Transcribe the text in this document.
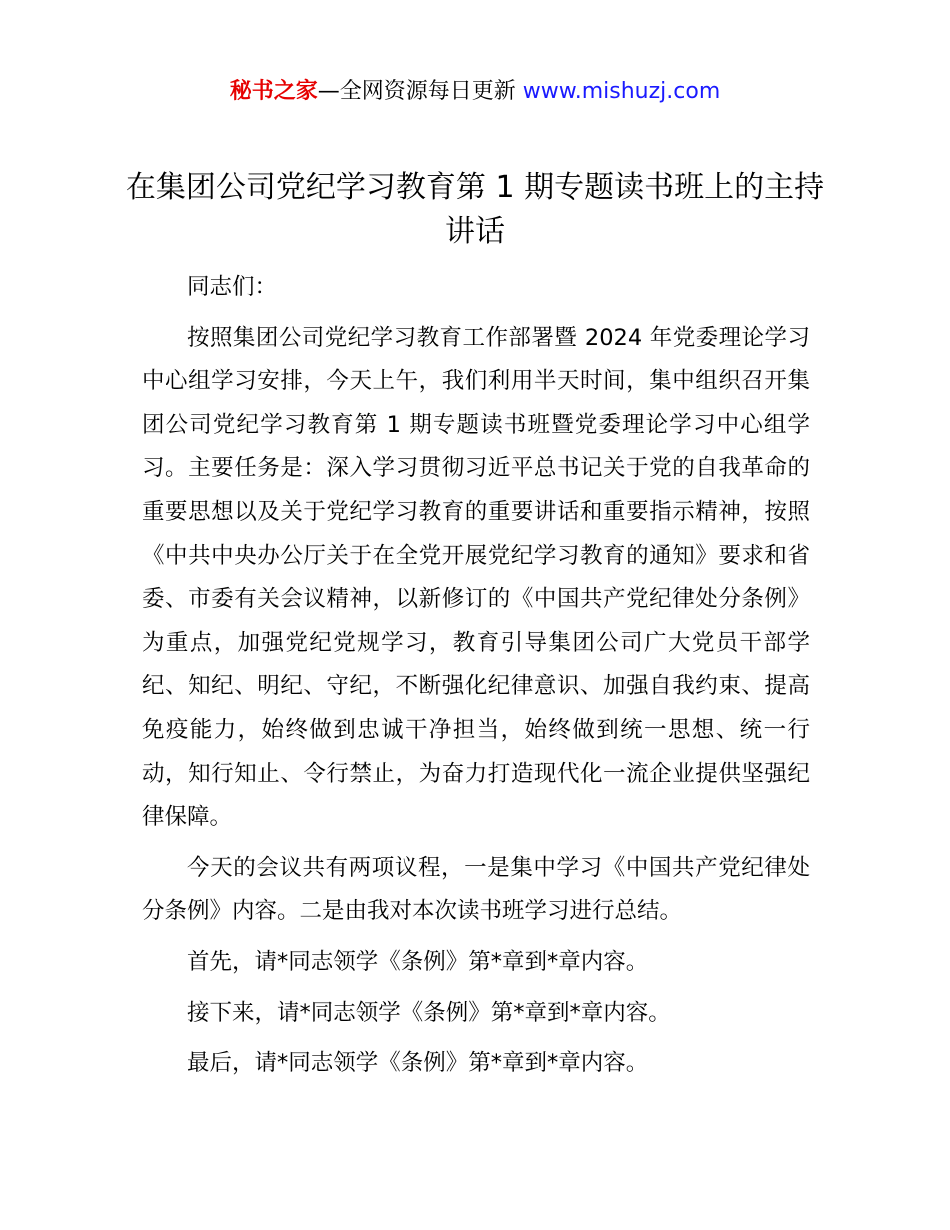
秘书之家—全网资源每日更新 www.mishuzj.com
在集团公司党纪学习教育第 1 期专题读书班上的主持讲话

同志们：

按照集团公司党纪学习教育工作部署暨 2024 年党委理论学习中心组学习安排，今天上午，我们利用半天时间，集中组织召开集团公司党纪学习教育第 1 期专题读书班暨党委理论学习中心组学习。主要任务是：深入学习贯彻习近平总书记关于党的自我革命的重要思想以及关于党纪学习教育的重要讲话和重要指示精神，按照《中共中央办公厅关于在全党开展党纪学习教育的通知》要求和省委、市委有关会议精神，以新修订的《中国共产党纪律处分条例》为重点，加强党纪党规学习，教育引导集团公司广大党员干部学纪、知纪、明纪、守纪，不断强化纪律意识、加强自我约束、提高免疫能力，始终做到忠诚干净担当，始终做到统一思想、统一行动，知行知止、令行禁止，为奋力打造现代化一流企业提供坚强纪律保障。

今天的会议共有两项议程，一是集中学习《中国共产党纪律处分条例》内容。二是由我对本次读书班学习进行总结。

首先，请*同志领学《条例》第*章到*章内容。

接下来，请*同志领学《条例》第*章到*章内容。

最后，请*同志领学《条例》第*章到*章内容。
